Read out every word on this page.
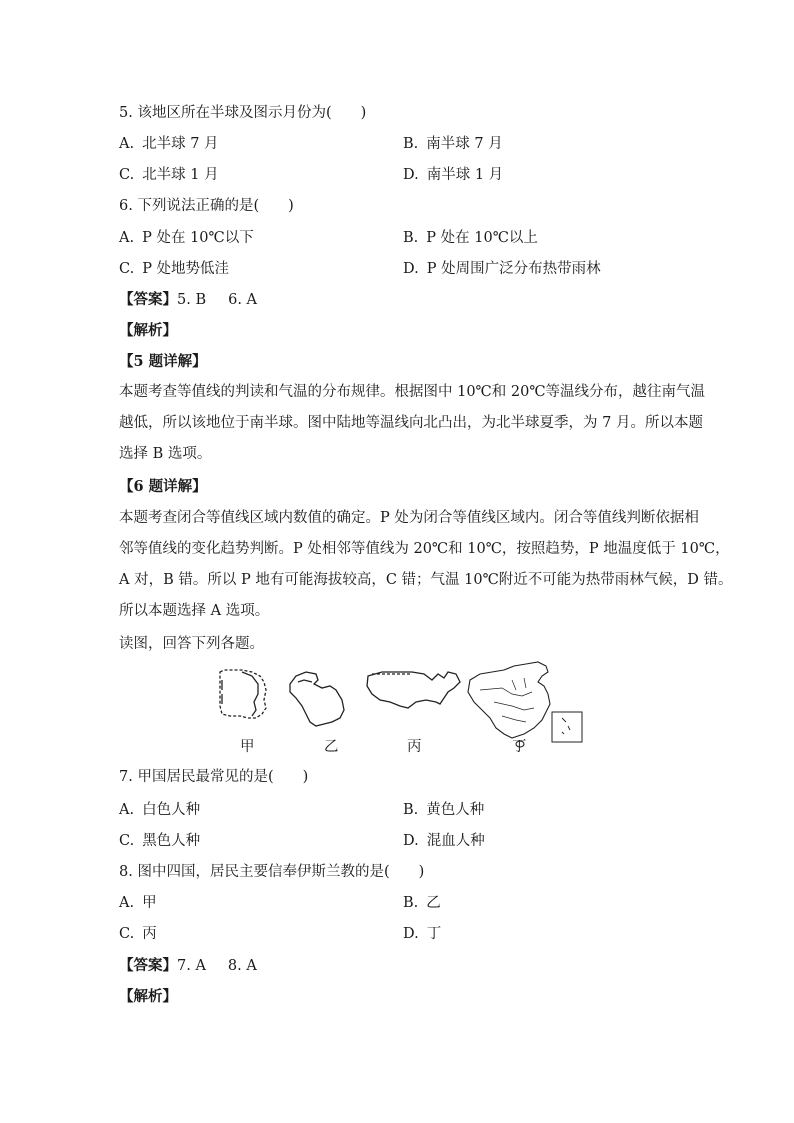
5. 该地区所在半球及图示月份为(　　)
A. 北半球 7 月	B. 南半球 7 月
C. 北半球 1 月	D. 南半球 1 月
6. 下列说法正确的是(　　)
A. P 处在 10℃以下	B. P 处在 10℃以上
C. P 处地势低洼	D. P 处周围广泛分布热带雨林
【答案】5. B 6. A
【解析】
【5 题详解】
本题考查等值线的判读和气温的分布规律。根据图中 10℃和 20℃等温线分布，越往南气温
越低，所以该地位于南半球。图中陆地等温线向北凸出，为北半球夏季，为 7 月。所以本题
选择 B 选项。
【6 题详解】
本题考查闭合等值线区域内数值的确定。P 处为闭合等值线区域内。闭合等值线判断依据相
邻等值线的变化趋势判断。P 处相邻等值线为 20℃和 10℃，按照趋势，P 地温度低于 10℃，
A 对，B 错。所以 P 地有可能海拔较高，C 错；气温 10℃附近不可能为热带雨林气候，D 错。
所以本题选择 A 选项。
读图，回答下列各题。
甲	乙	丙	丁
7. 甲国居民最常见的是(　　)
A. 白色人种	B. 黄色人种
C. 黑色人种	D. 混血人种
8. 图中四国，居民主要信奉伊斯兰教的是(　　)
A. 甲	B. 乙
C. 丙	D. 丁
【答案】7. A 8. A
【解析】
